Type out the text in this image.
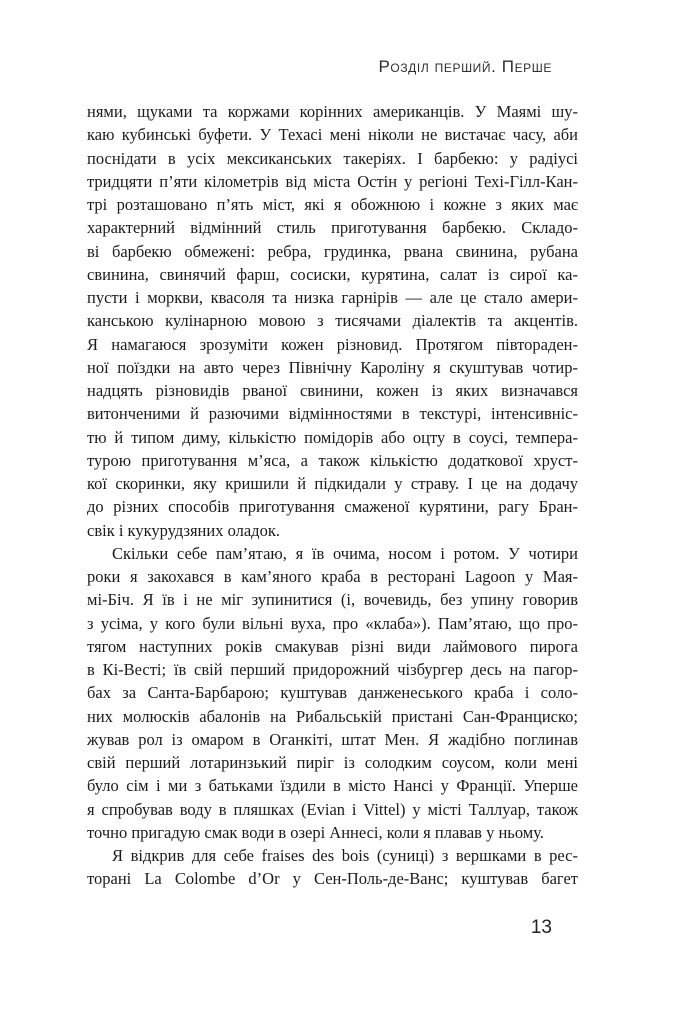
Розділ перший. Перше
нями, щуками та коржами корінних американців. У Маямі шу-
каю кубинські буфети. У Техасі мені ніколи не вистачає часу, аби
поснідати в усіх мексиканських такеріях. І барбекю: у радіусі
тридцяти п’яти кілометрів від міста Остін у регіоні Техі-Гілл-Кан-
трі розташовано п’ять міст, які я обожнюю і кожне з яких має
характерний відмінний стиль приготування барбекю. Складо-
ві барбекю обмежені: ребра, грудинка, рвана свинина, рубана
свинина, свинячий фарш, сосиски, курятина, салат із сирої ка-
пусти і моркви, квасоля та низка гарнірів — але це стало амери-
канською кулінарною мовою з тисячами діалектів та акцентів.
Я намагаюся зрозуміти кожен різновид. Протягом півтораден-
ної поїздки на авто через Північну Кароліну я скуштував чотир-
надцять різновидів рваної свинини, кожен із яких визначався
витонченими й разючими відмінностями в текстурі, інтенсивніс-
тю й типом диму, кількістю помідорів або оцту в соусі, темпера-
турою приготування м’яса, а також кількістю додаткової хруст-
кої скоринки, яку кришили й підкидали у страву. І це на додачу
до різних способів приготування смаженої курятини, рагу Бран-
свік і кукурудзяних оладок.
Скільки себе пам’ятаю, я їв очима, носом і ротом. У чотири
роки я закохався в кам’яного краба в ресторані Lagoon у Мая-
мі-Біч. Я їв і не міг зупинитися (і, вочевидь, без упину говорив
з усіма, у кого були вільні вуха, про «клаба»). Пам’ятаю, що про-
тягом наступних років смакував різні види лаймового пирога
в Кі-Весті; їв свій перший придорожний чізбургер десь на пагор-
бах за Санта-Барбарою; куштував данженеського краба і соло-
них молюсків абалонів на Рибальській пристані Сан-Франциско;
жував рол із омаром в Оганкіті, штат Мен. Я жадібно поглинав
свій перший лотаринзький пиріг із солодким соусом, коли мені
було сім і ми з батьками їздили в місто Нансі у Франції. Уперше
я спробував воду в пляшках (Evian і Vittel) у місті Таллуар, також
точно пригадую смак води в озері Аннесі, коли я плавав у ньому.
Я відкрив для себе fraises des bois (суниці) з вершками в рес-
торані La Colombe d’Or у Сен-Поль-де-Ванс; куштував багет
13
